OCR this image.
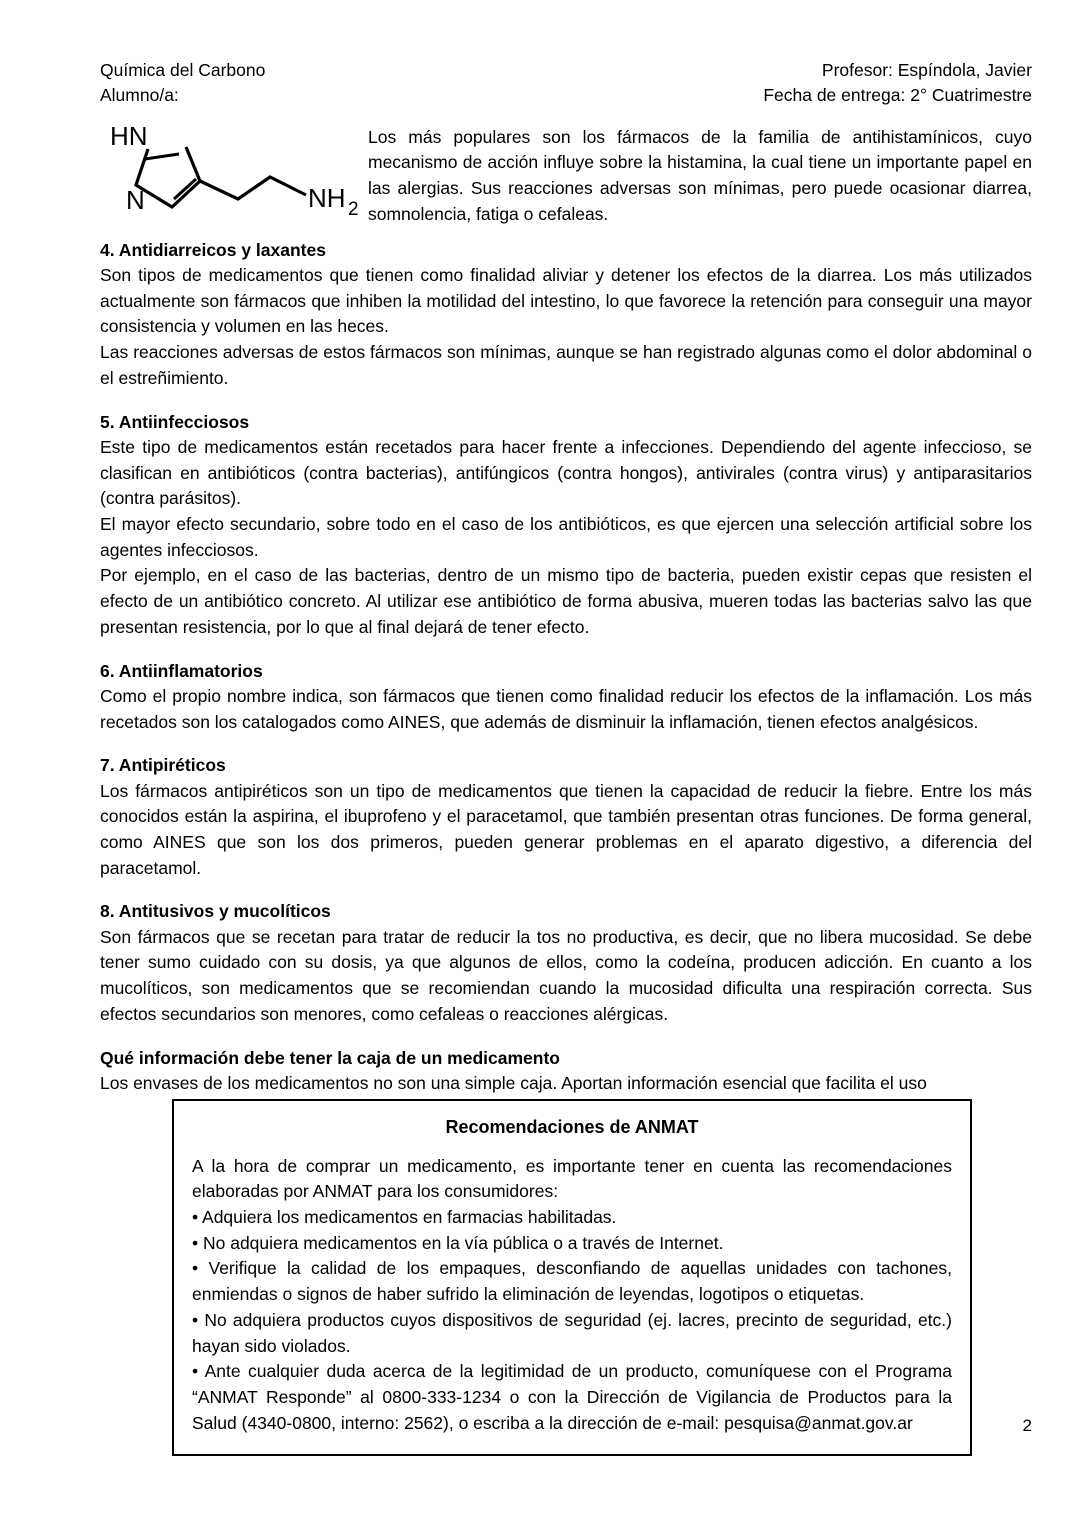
Química del Carbono
Alumno/a:
Profesor: Espíndola, Javier
Fecha de entrega: 2° Cuatrimestre
HN
N	NH 2
Los más populares son los fármacos de la familia de antihistamínicos, cuyo mecanismo de acción influye sobre la histamina, la cual tiene un importante papel en las alergias. Sus reacciones adversas son mínimas, pero puede ocasionar diarrea, somnolencia, fatiga o cefaleas.
4. Antidiarreicos y laxantes

Son tipos de medicamentos que tienen como finalidad aliviar y detener los efectos de la diarrea. Los más utilizados actualmente son fármacos que inhiben la motilidad del intestino, lo que favorece la retención para conseguir una mayor consistencia y volumen en las heces.

Las reacciones adversas de estos fármacos son mínimas, aunque se han registrado algunas como el dolor abdominal o el estreñimiento.

5. Antiinfecciosos

Este tipo de medicamentos están recetados para hacer frente a infecciones. Dependiendo del agente infeccioso, se clasifican en antibióticos (contra bacterias), antifúngicos (contra hongos), antivirales (contra virus) y antiparasitarios (contra parásitos).

El mayor efecto secundario, sobre todo en el caso de los antibióticos, es que ejercen una selección artificial sobre los agentes infecciosos.

Por ejemplo, en el caso de las bacterias, dentro de un mismo tipo de bacteria, pueden existir cepas que resisten el efecto de un antibiótico concreto. Al utilizar ese antibiótico de forma abusiva, mueren todas las bacterias salvo las que presentan resistencia, por lo que al final dejará de tener efecto.

6. Antiinflamatorios

Como el propio nombre indica, son fármacos que tienen como finalidad reducir los efectos de la inflamación. Los más recetados son los catalogados como AINES, que además de disminuir la inflamación, tienen efectos analgésicos.

7. Antipiréticos

Los fármacos antipiréticos son un tipo de medicamentos que tienen la capacidad de reducir la fiebre. Entre los más conocidos están la aspirina, el ibuprofeno y el paracetamol, que también presentan otras funciones. De forma general, como AINES que son los dos primeros, pueden generar problemas en el aparato digestivo, a diferencia del paracetamol.

8. Antitusivos y mucolíticos

Son fármacos que se recetan para tratar de reducir la tos no productiva, es decir, que no libera mucosidad. Se debe tener sumo cuidado con su dosis, ya que algunos de ellos, como la codeína, producen adicción. En cuanto a los mucolíticos, son medicamentos que se recomiendan cuando la mucosidad dificulta una respiración correcta. Sus efectos secundarios son menores, como cefaleas o reacciones alérgicas.

Qué información debe tener la caja de un medicamento

Los envases de los medicamentos no son una simple caja. Aportan información esencial que facilita el uso

Recomendaciones de ANMAT

A la hora de comprar un medicamento, es importante tener en cuenta las recomendaciones elaboradas por ANMAT para los consumidores:

• Adquiera los medicamentos en farmacias habilitadas.

• No adquiera medicamentos en la vía pública o a través de Internet.

• Verifique la calidad de los empaques, desconfiando de aquellas unidades con tachones, enmiendas o signos de haber sufrido la eliminación de leyendas, logotipos o etiquetas.

• No adquiera productos cuyos dispositivos de seguridad (ej. lacres, precinto de seguridad, etc.) hayan sido violados.

• Ante cualquier duda acerca de la legitimidad de un producto, comuníquese con el Programa “ANMAT Responde” al 0800-333-1234 o con la Dirección de Vigilancia de Productos para la Salud (4340-0800, interno: 2562), o escriba a la dirección de e-mail: pesquisa@anmat.gov.ar	2
